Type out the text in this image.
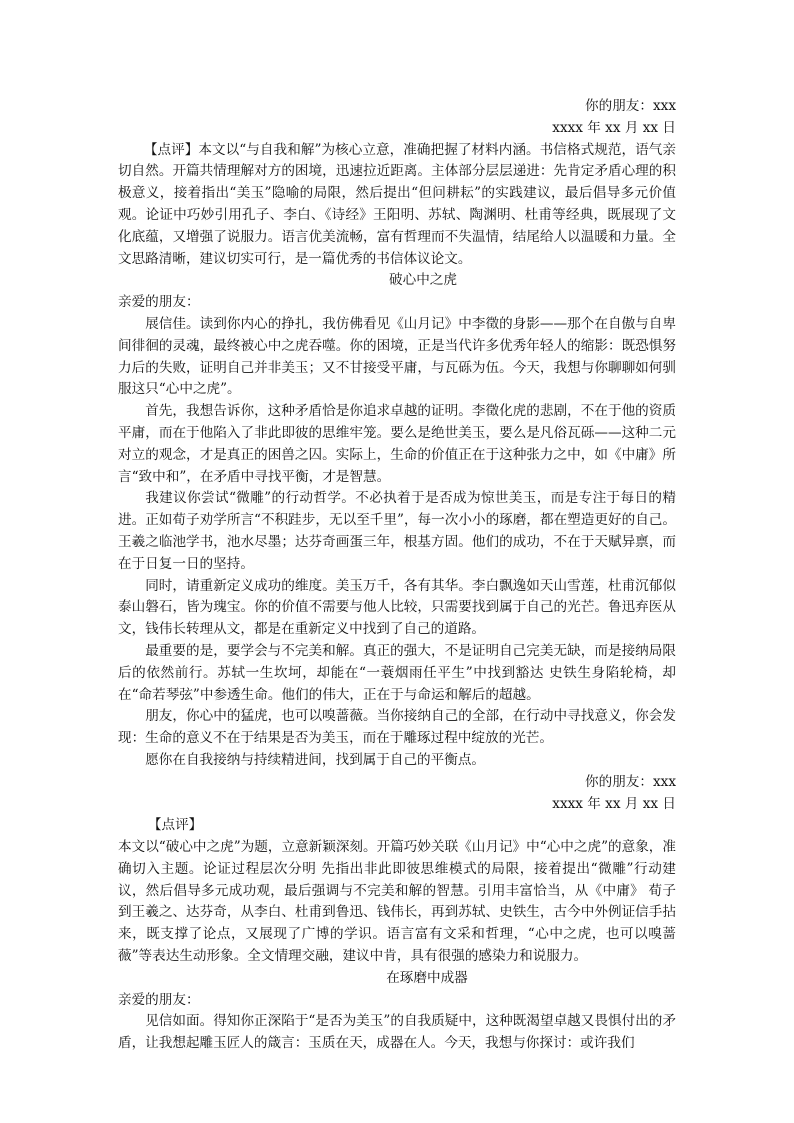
你的朋友：xxx

xxxx 年 xx 月 xx 日

【点评】本文以“与自我和解”为核心立意，准确把握了材料内涵。书信格式规范，语气亲切自然。开篇共情理解对方的困境，迅速拉近距离。主体部分层层递进：先肯定矛盾心理的积极意义，接着指出“美玉”隐喻的局限，然后提出“但问耕耘”的实践建议，最后倡导多元价值观。论证中巧妙引用孔子、李白、《诗经》王阳明、苏轼、陶渊明、杜甫等经典，既展现了文化底蕴，又增强了说服力。语言优美流畅，富有哲理而不失温情，结尾给人以温暖和力量。全文思路清晰，建议切实可行，是一篇优秀的书信体议论文。

破心中之虎

亲爱的朋友：

展信佳。读到你内心的挣扎，我仿佛看见《山月记》中李徵的身影——那个在自傲与自卑间徘徊的灵魂，最终被心中之虎吞噬。你的困境，正是当代许多优秀年轻人的缩影：既恐惧努力后的失败，证明自己并非美玉；又不甘接受平庸，与瓦砾为伍。今天，我想与你聊聊如何驯服这只“心中之虎”。

首先，我想告诉你，这种矛盾恰是你追求卓越的证明。李徵化虎的悲剧，不在于他的资质平庸，而在于他陷入了非此即彼的思维牢笼。要么是绝世美玉，要么是凡俗瓦砾——这种二元对立的观念，才是真正的困兽之囚。实际上，生命的价值正在于这种张力之中，如《中庸》所言“致中和”，在矛盾中寻找平衡，才是智慧。

我建议你尝试“微雕”的行动哲学。不必执着于是否成为惊世美玉，而是专注于每日的精进。正如荀子劝学所言“不积跬步，无以至千里”，每一次小小的琢磨，都在塑造更好的自己。王羲之临池学书，池水尽墨；达芬奇画蛋三年，根基方固。他们的成功，不在于天赋异禀，而在于日复一日的坚持。

同时，请重新定义成功的维度。美玉万千，各有其华。李白飘逸如天山雪莲，杜甫沉郁似泰山磐石，皆为瑰宝。你的价值不需要与他人比较，只需要找到属于自己的光芒。鲁迅弃医从文，钱伟长转理从文，都是在重新定义中找到了自己的道路。

最重要的是，要学会与不完美和解。真正的强大，不是证明自己完美无缺，而是接纳局限后的依然前行。苏轼一生坎坷，却能在“一蓑烟雨任平生”中找到豁达 史铁生身陷轮椅，却在“命若琴弦”中参透生命。他们的伟大，正在于与命运和解后的超越。

朋友，你心中的猛虎，也可以嗅蔷薇。当你接纳自己的全部，在行动中寻找意义，你会发现：生命的意义不在于结果是否为美玉，而在于雕琢过程中绽放的光芒。

愿你在自我接纳与持续精进间，找到属于自己的平衡点。

你的朋友：xxx

xxxx 年 xx 月 xx 日

【点评】

本文以“破心中之虎”为题，立意新颖深刻。开篇巧妙关联《山月记》中“心中之虎”的意象，准确切入主题。论证过程层次分明 先指出非此即彼思维模式的局限，接着提出“微雕”行动建议，然后倡导多元成功观，最后强调与不完美和解的智慧。引用丰富恰当，从《中庸》 荀子到王羲之、达芬奇，从李白、杜甫到鲁迅、钱伟长，再到苏轼、史铁生，古今中外例证信手拈来，既支撑了论点，又展现了广博的学识。语言富有文采和哲理，“心中之虎，也可以嗅蔷薇”等表达生动形象。全文情理交融，建议中肯，具有很强的感染力和说服力。

在琢磨中成器

亲爱的朋友：

见信如面。得知你正深陷于“是否为美玉”的自我质疑中，这种既渴望卓越又畏惧付出的矛盾，让我想起雕玉匠人的箴言：玉质在天，成器在人。今天，我想与你探讨：或许我们
